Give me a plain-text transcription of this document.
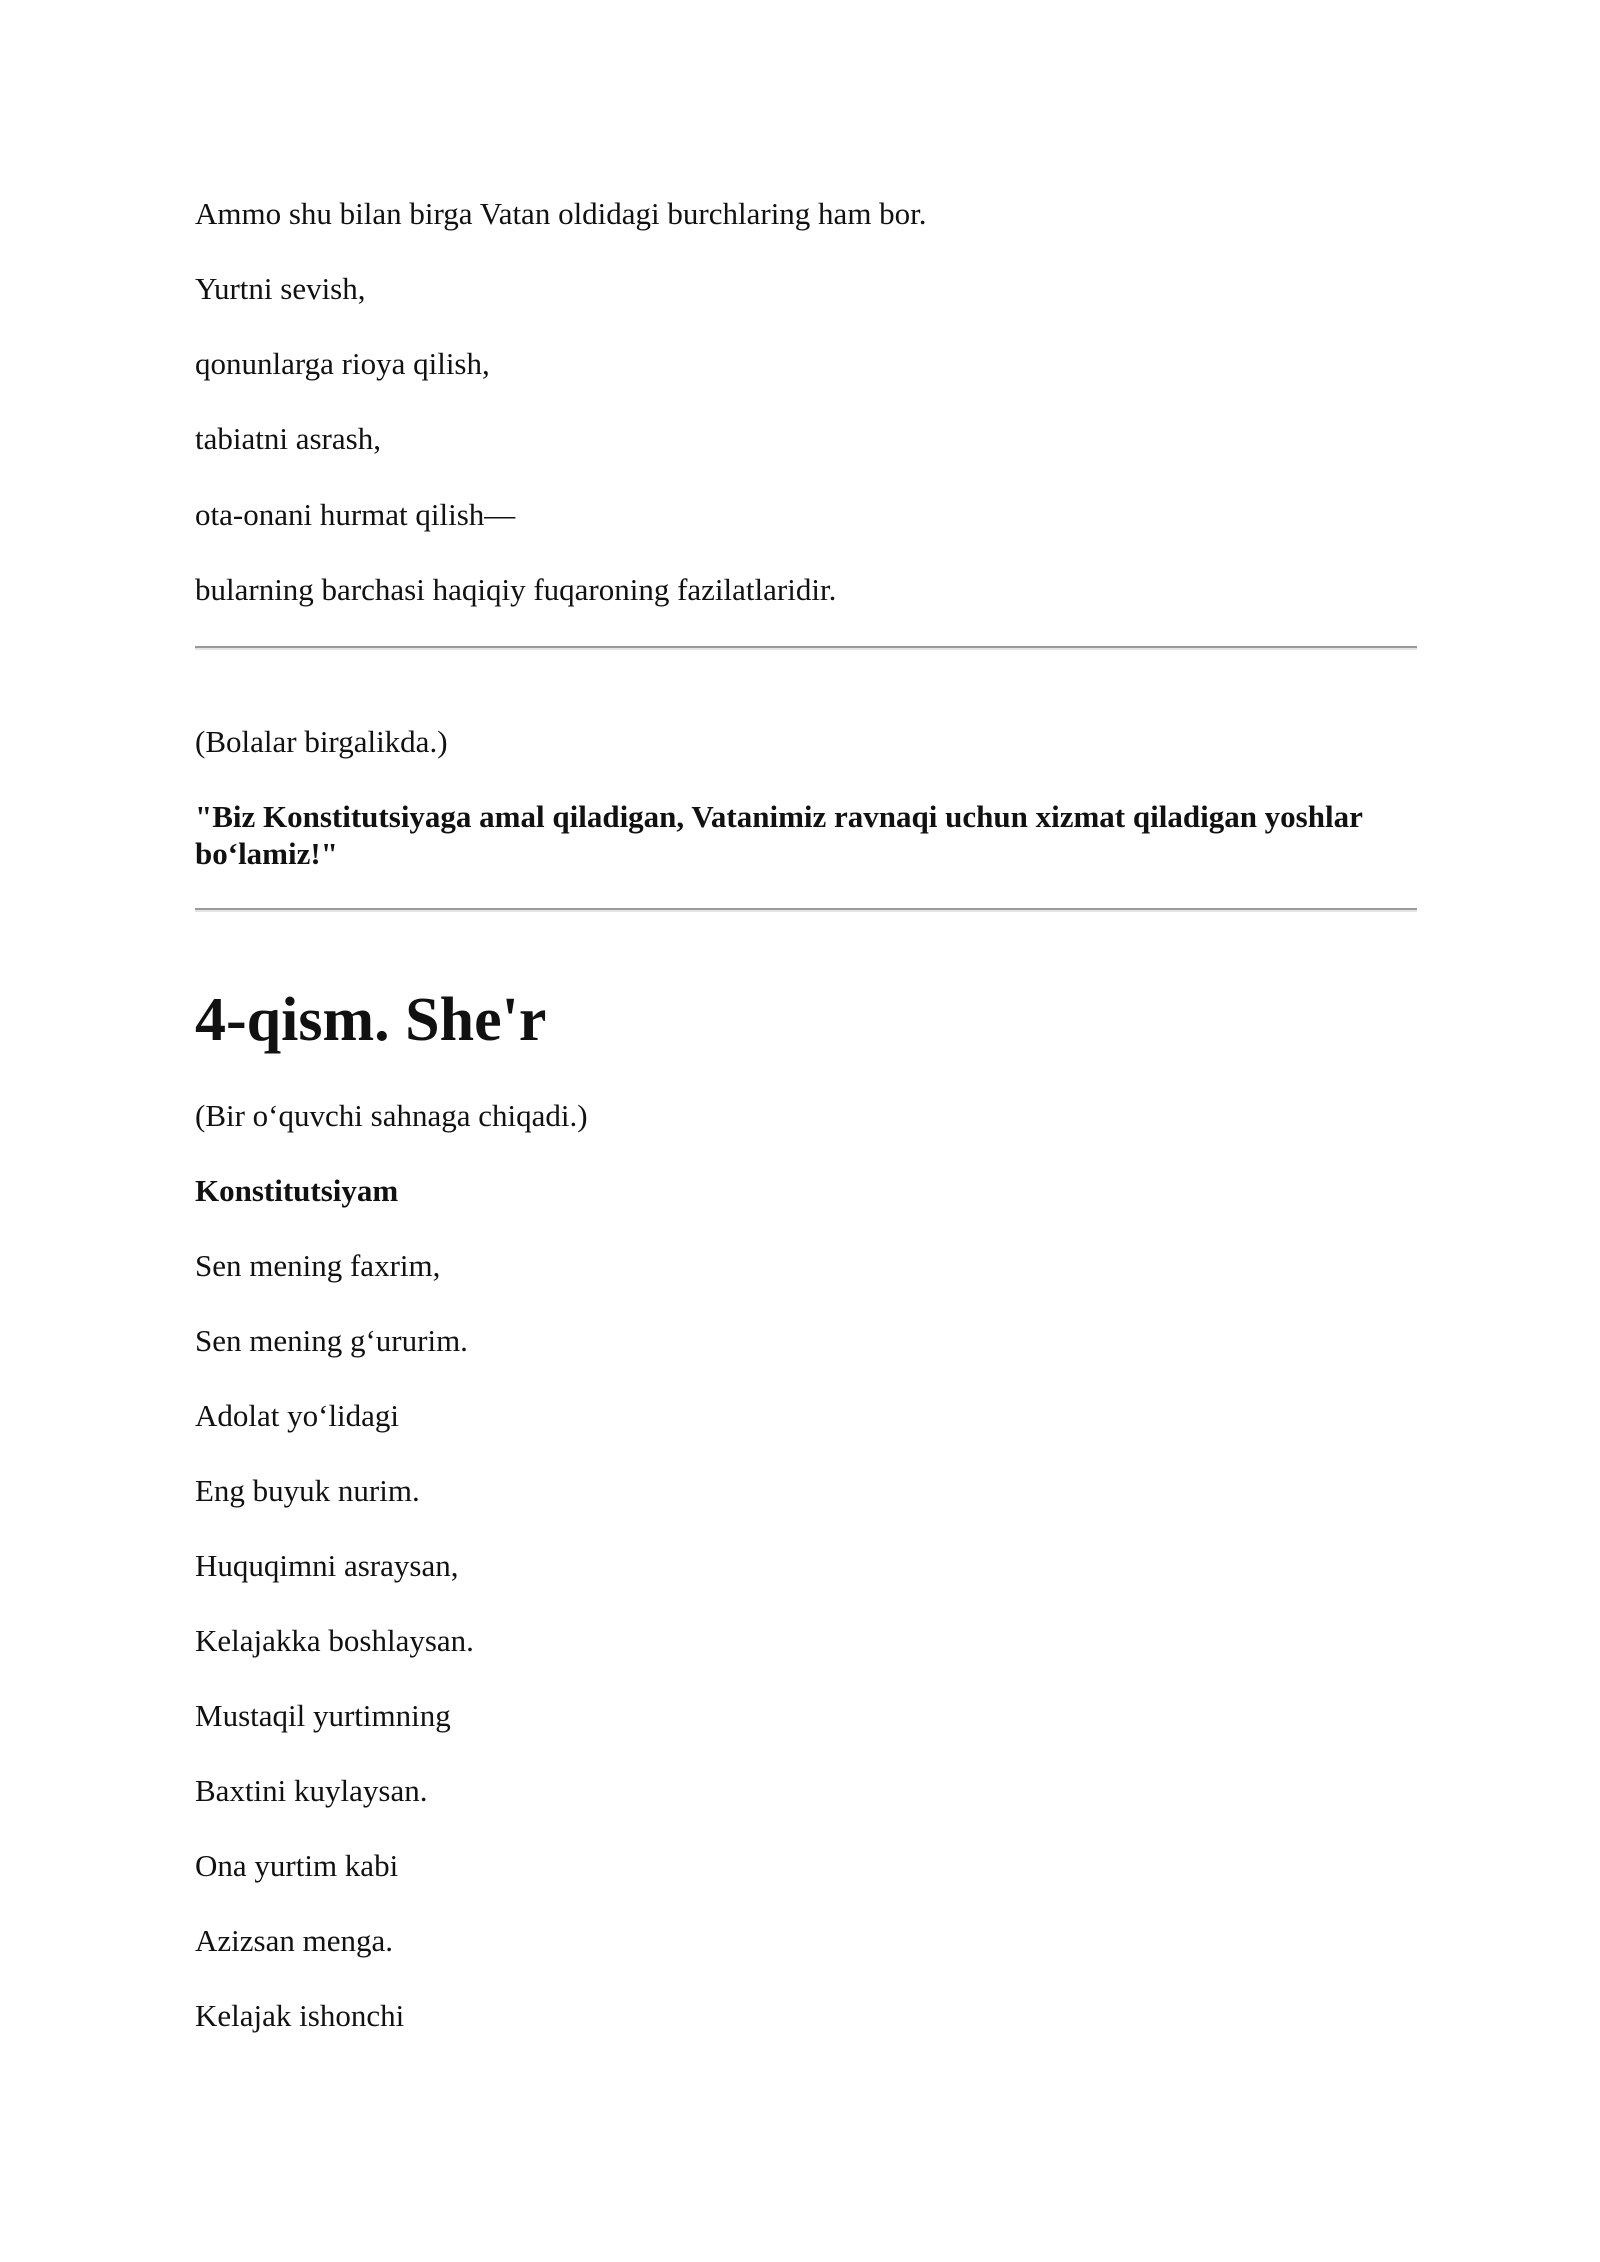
Ammo shu bilan birga Vatan oldidagi burchlaring ham bor.
Yurtni sevish,
qonunlarga rioya qilish,
tabiatni asrash,
ota-onani hurmat qilish—
bularning barchasi haqiqiy fuqaroning fazilatlaridir.
(Bolalar birgalikda.)
"Biz Konstitutsiyaga amal qiladigan, Vatanimiz ravnaqi uchun xizmat qiladigan yoshlar bo‘lamiz!"
4-qism. She'r
(Bir o‘quvchi sahnaga chiqadi.)
Konstitutsiyam
Sen mening faxrim,
Sen mening g‘ururim.
Adolat yo‘lidagi
Eng buyuk nurim.
Huquqimni asraysan,
Kelajakka boshlaysan.
Mustaqil yurtimning
Baxtini kuylaysan.
Ona yurtim kabi
Azizsan menga.
Kelajak ishonchi
